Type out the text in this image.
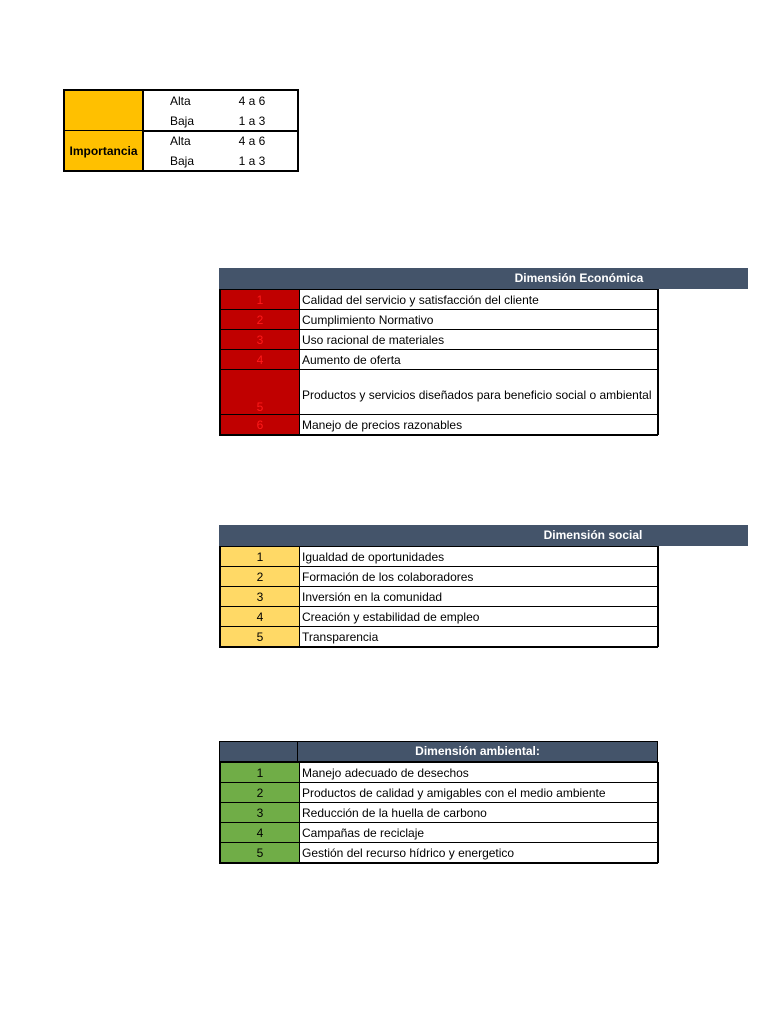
Importancia
Alta	4 a 6
Baja	1 a 3
Alta	4 a 6
Baja	1 a 3
Dimensión Económica
1	Calidad del servicio y satisfacción del cliente
2	Cumplimiento Normativo
3	Uso racional de materiales
4	Aumento de oferta
5	Productos y servicios diseñados para beneficio social o ambiental
6	Manejo de precios razonables
Dimensión social
1	Igualdad de oportunidades
2	Formación de los colaboradores
3	Inversión en la comunidad
4	Creación y estabilidad de empleo
5	Transparencia
Dimensión ambiental:
1	Manejo adecuado de desechos
2	Productos de calidad y amigables con el medio ambiente
3	Reducción de la huella de carbono
4	Campañas de reciclaje
5	Gestión del recurso hídrico y energetico
